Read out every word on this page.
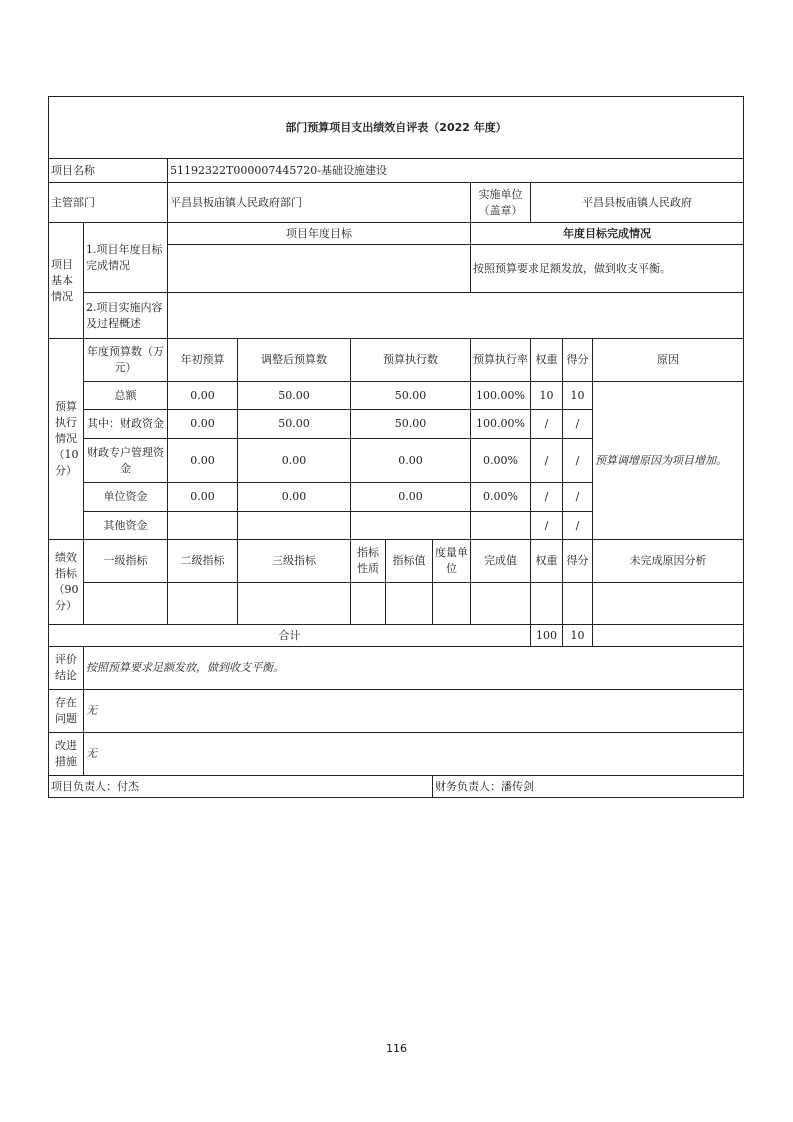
部门预算项目支出绩效自评表（2022 年度）										
项目名称		51192322T000007445720-基础设施建设								
主管部门		平昌县板庙镇人民政府部门					实施单位（盖章）	平昌县板庙镇人民政府		
项目基本情况	1.项目年度目标完成情况	项目年度目标					年度目标完成情况			
							按照预算要求足额发放，做到收支平衡。			
	2.项目实施内容及过程概述									
预算执行情况（10分）	年度预算数（万元）	年初预算	调整后预算数	预算执行数			预算执行率	权重	得分	原因
	总额	0.00	50.00	50.00			100.00%	10	10	预算调增原因为项目增加。
	其中：财政资金	0.00	50.00	50.00			100.00%	/	/	
	财政专户管理资金	0.00	0.00	0.00			0.00%	/	/	
	单位资金	0.00	0.00	0.00			0.00%	/	/	
	其他资金							/	/	
绩效指标（90分）	一级指标	二级指标	三级指标	指标性质	指标值	度量单位	完成值	权重	得分	未完成原因分析

合计								100	10	
评价结论	按照预算要求足额发放，做到收支平衡。									
存在问题	无									
改进措施	无									
项目负责人：付杰						财务负责人：潘传剑				
116
